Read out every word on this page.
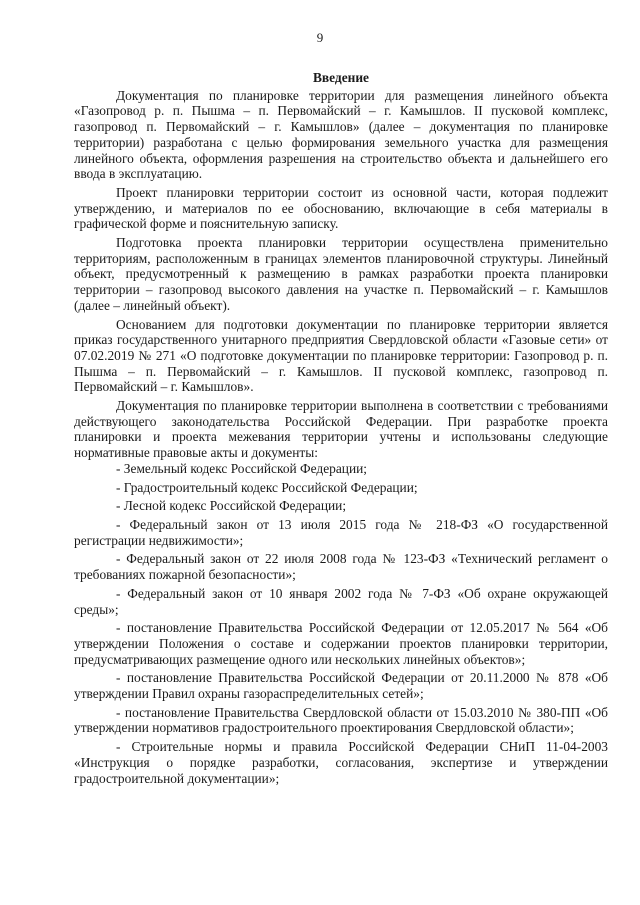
9

Введение

Документация по планировке территории для размещения линейного объекта «Газопровод р. п. Пышма – п. Первомайский – г. Камышлов. II пусковой комплекс, газопровод п. Первомайский – г. Камышлов» (далее – документация по планировке территории) разработана с целью формирования земельного участка для размещения линейного объекта, оформления разрешения на строительство объекта и дальнейшего его ввода в эксплуатацию.

Проект планировки территории состоит из основной части, которая подлежит утверждению, и материалов по ее обоснованию, включающие в себя материалы в графической форме и пояснительную записку.

Подготовка проекта планировки территории осуществлена применительно территориям, расположенным в границах элементов планировочной структуры. Линейный объект, предусмотренный к размещению в рамках разработки проекта планировки территории – газопровод высокого давления на участке п. Первомайский – г. Камышлов (далее – линейный объект).

Основанием для подготовки документации по планировке территории является приказ государственного унитарного предприятия Свердловской области «Газовые сети» от 07.02.2019 № 271 «О подготовке документации по планировке территории: Газопровод р. п. Пышма – п. Первомайский – г. Камышлов. II пусковой комплекс, газопровод п. Первомайский – г. Камышлов».

Документация по планировке территории выполнена в соответствии с требованиями действующего законодательства Российской Федерации. При разработке проекта планировки и проекта межевания территории учтены и использованы следующие нормативные правовые акты и документы:

- Земельный кодекс Российской Федерации;

- Градостроительный кодекс Российской Федерации;

- Лесной кодекс Российской Федерации;

- Федеральный закон от 13 июля 2015 года № 218-ФЗ «О государственной регистрации недвижимости»;

- Федеральный закон от 22 июля 2008 года № 123-ФЗ «Технический регламент о требованиях пожарной безопасности»;

- Федеральный закон от 10 января 2002 года № 7-ФЗ «Об охране окружающей среды»;

- постановление Правительства Российской Федерации от 12.05.2017 № 564 «Об утверждении Положения о составе и содержании проектов планировки территории, предусматривающих размещение одного или нескольких линейных объектов»;

- постановление Правительства Российской Федерации от 20.11.2000 № 878 «Об утверждении Правил охраны газораспределительных сетей»;

- постановление Правительства Свердловской области от 15.03.2010 № 380-ПП «Об утверждении нормативов градостроительного проектирования Свердловской области»;

- Строительные нормы и правила Российской Федерации СНиП 11-04-2003 «Инструкция о порядке разработки, согласования, экспертизе и утверждении градостроительной документации»;
